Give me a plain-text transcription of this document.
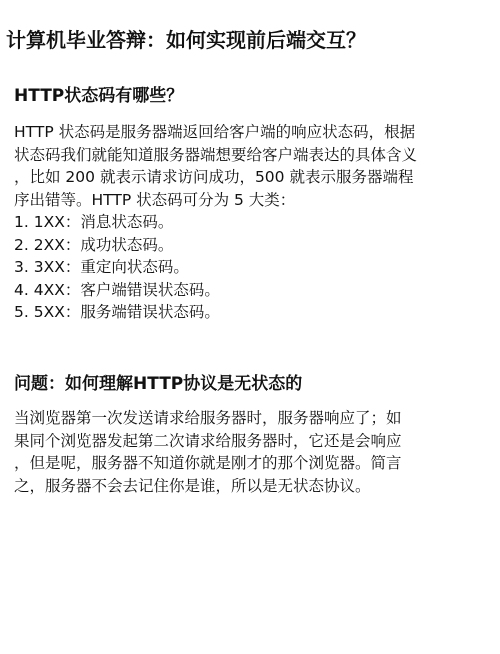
计算机毕业答辩：如何实现前后端交互？
HTTP状态码有哪些？
HTTP 状态码是服务器端返回给客户端的响应状态码，根据
状态码我们就能知道服务器端想要给客户端表达的具体含义
，比如 200 就表示请求访问成功，500 就表示服务器端程
序出错等。HTTP 状态码可分为 5 大类：
1. 1XX：消息状态码。
2. 2XX：成功状态码。
3. 3XX：重定向状态码。
4. 4XX：客户端错误状态码。
5. 5XX：服务端错误状态码。
问题：如何理解HTTP协议是无状态的
当浏览器第一次发送请求给服务器时，服务器响应了；如
果同个浏览器发起第二次请求给服务器时，它还是会响应
，但是呢，服务器不知道你就是刚才的那个浏览器。简言
之，服务器不会去记住你是谁，所以是无状态协议。
